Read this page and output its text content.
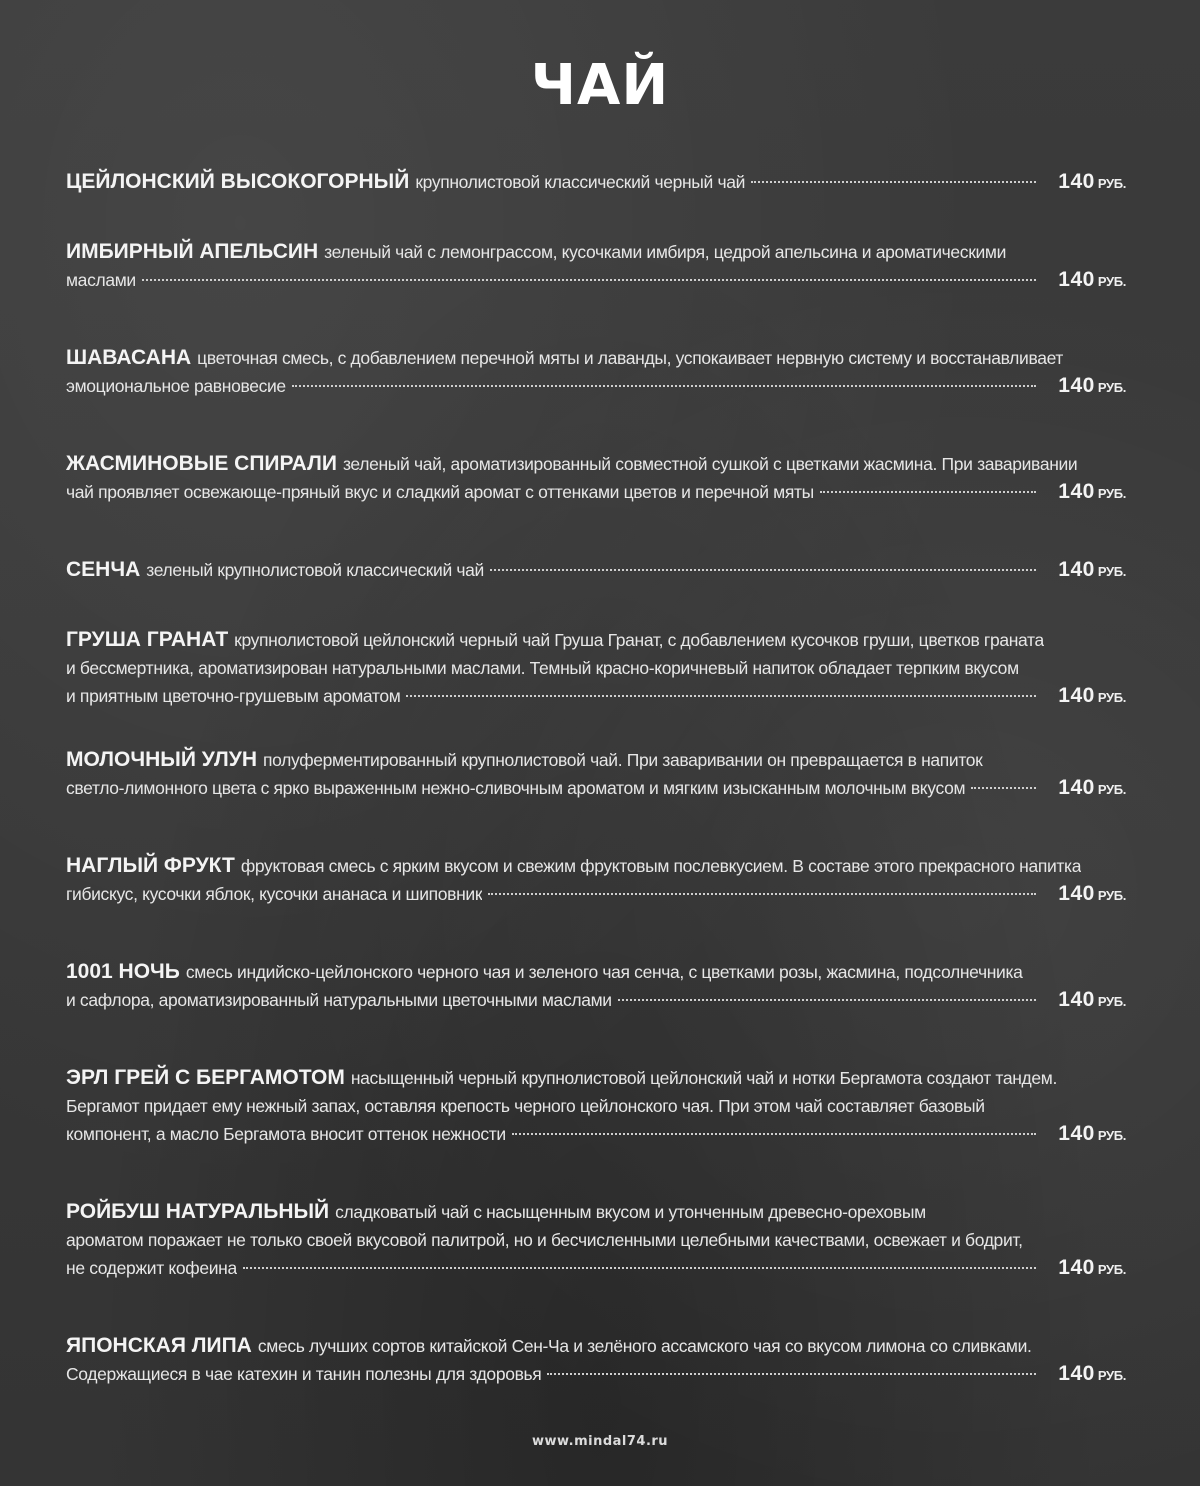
ЧАЙ
ЦЕЙЛОНСКИЙ ВЫСОКОГОРНЫЙ крупнолистовой классический черный чай	140 РУБ.
ИМБИРНЫЙ АПЕЛЬСИН зеленый чай с лемонграссом, кусочками имбиря, цедрой апельсина и ароматическими
маслами	140 РУБ.
ШАВАСАНА цветочная смесь, с добавлением перечной мяты и лаванды, успокаивает нервную систему и восстанавливает
эмоциональное равновесие	140 РУБ.
ЖАСМИНОВЫЕ СПИРАЛИ зеленый чай, ароматизированный совместной сушкой с цветками жасмина. При заваривании
чай проявляет освежающе-пряный вкус и сладкий аромат с оттенками цветов и перечной мяты	140 РУБ.
СЕНЧА зеленый крупнолистовой классический чай	140 РУБ.
ГРУША ГРАНАТ крупнолистовой цейлонский черный чай Груша Гранат, с добавлением кусочков груши, цветков граната
и бессмертника, ароматизирован натуральными маслами. Темный красно-коричневый напиток обладает терпким вкусом
и приятным цветочно-грушевым ароматом	140 РУБ.
МОЛОЧНЫЙ УЛУН полуферментированный крупнолистовой чай. При заваривании он превращается в напиток
светло-лимонного цвета с ярко выраженным нежно-сливочным ароматом и мягким изысканным молочным вкусом	140 РУБ.
НАГЛЫЙ ФРУКТ фруктовая смесь с ярким вкусом и свежим фруктовым послевкусием. В составе этого прекрасного напитка
гибискус, кусочки яблок, кусочки ананаса и шиповник	140 РУБ.
1001 НОЧЬ смесь индийско-цейлонского черного чая и зеленого чая сенча, с цветками розы, жасмина, подсолнечника
и сафлора, ароматизированный натуральными цветочными маслами	140 РУБ.
ЭРЛ ГРЕЙ С БЕРГАМОТОМ насыщенный черный крупнолистовой цейлонский чай и нотки Бергамота создают тандем.
Бергамот придает ему нежный запах, оставляя крепость черного цейлонского чая. При этом чай составляет базовый
компонент, а масло Бергамота вносит оттенок нежности	140 РУБ.
РОЙБУШ НАТУРАЛЬНЫЙ сладковатый чай с насыщенным вкусом и утонченным древесно-ореховым
ароматом поражает не только своей вкусовой палитрой, но и бесчисленными целебными качествами, освежает и бодрит,
не содержит кофеина	140 РУБ.
ЯПОНСКАЯ ЛИПА смесь лучших сортов китайской Сен-Ча и зелёного ассамского чая со вкусом лимона со сливками.
Содержащиеся в чае катехин и танин полезны для здоровья	140 РУБ.
www.mindal74.ru
